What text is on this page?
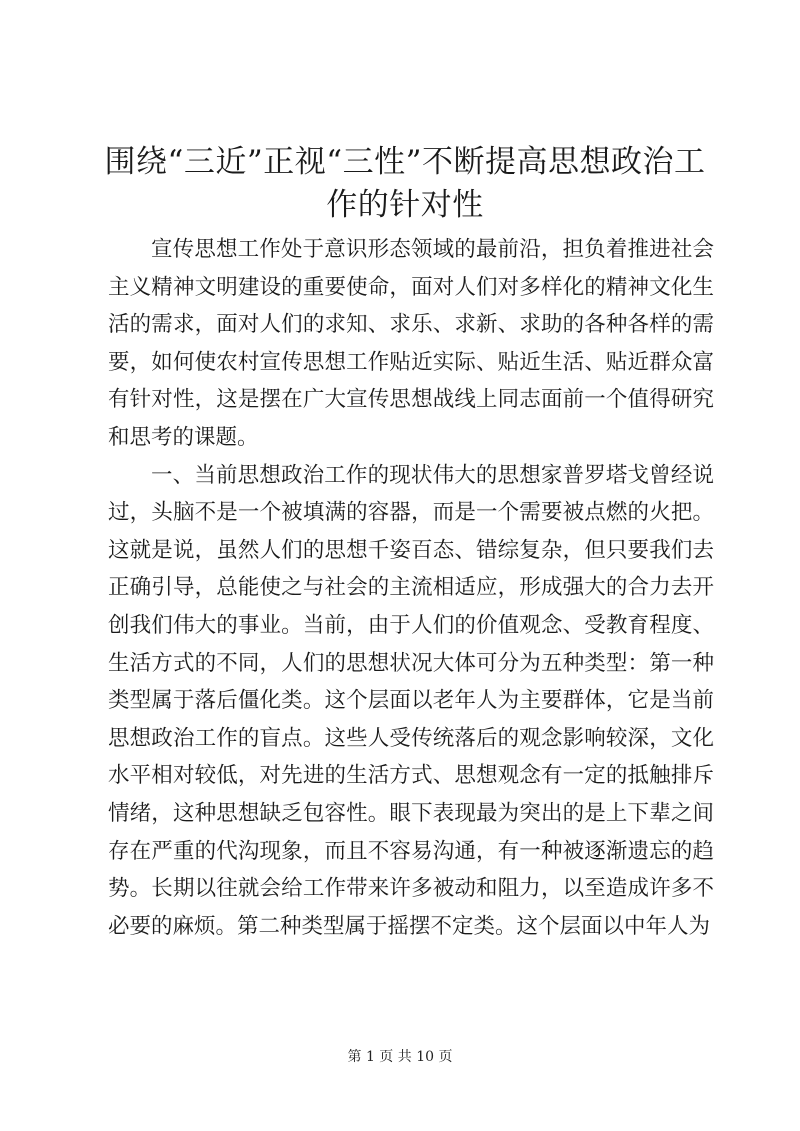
围绕“三近”正视“三性”不断提高思想政治工作的针对性

宣传思想工作处于意识形态领域的最前沿，担负着推进社会主义精神文明建设的重要使命，面对人们对多样化的精神文化生活的需求，面对人们的求知、求乐、求新、求助的各种各样的需要，如何使农村宣传思想工作贴近实际、贴近生活、贴近群众富有针对性，这是摆在广大宣传思想战线上同志面前一个值得研究和思考的课题。

一、当前思想政治工作的现状伟大的思想家普罗塔戈曾经说过，头脑不是一个被填满的容器，而是一个需要被点燃的火把。这就是说，虽然人们的思想千姿百态、错综复杂，但只要我们去正确引导，总能使之与社会的主流相适应，形成强大的合力去开创我们伟大的事业。当前，由于人们的价值观念、受教育程度、生活方式的不同，人们的思想状况大体可分为五种类型：第一种类型属于落后僵化类。这个层面以老年人为主要群体，它是当前思想政治工作的盲点。这些人受传统落后的观念影响较深，文化水平相对较低，对先进的生活方式、思想观念有一定的抵触排斥情绪，这种思想缺乏包容性。眼下表现最为突出的是上下辈之间存在严重的代沟现象，而且不容易沟通，有一种被逐渐遗忘的趋势。长期以往就会给工作带来许多被动和阻力，以至造成许多不必要的麻烦。第二种类型属于摇摆不定类。这个层面以中年人为

第 1 页 共 10 页
